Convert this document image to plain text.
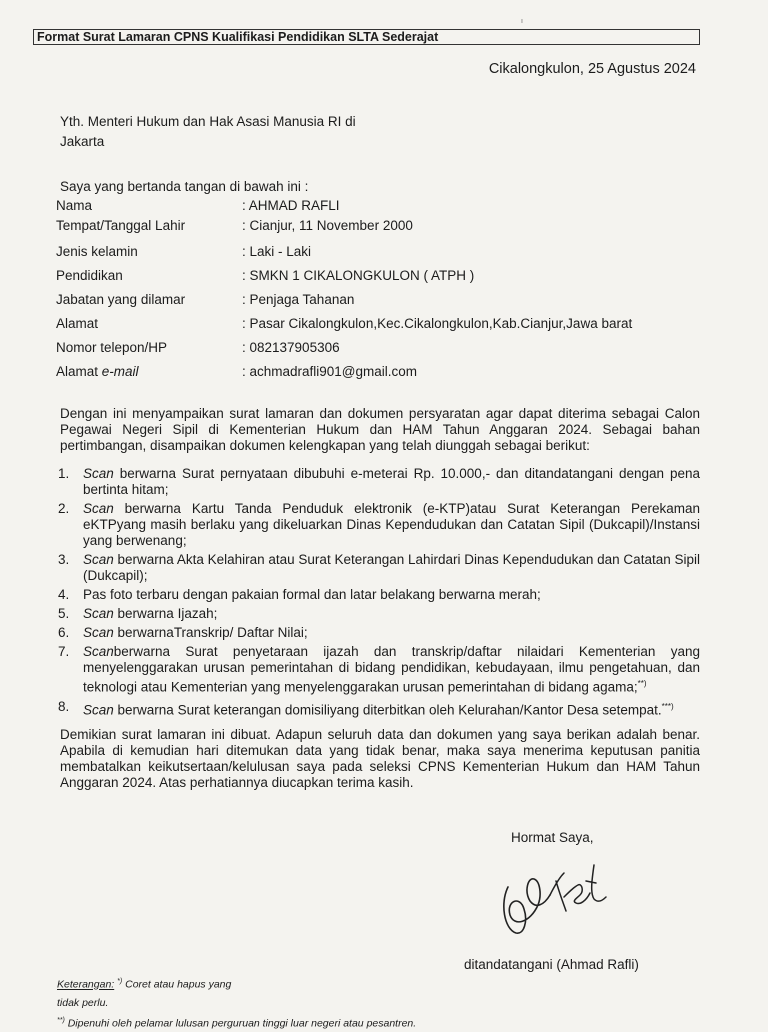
ı
Format Surat Lamaran CPNS Kualifikasi Pendidikan SLTA Sederajat
Cikalongkulon, 25 Agustus 2024
Yth. Menteri Hukum dan Hak Asasi Manusia RI di
Jakarta
Saya yang bertanda tangan di bawah ini :
Nama	: AHMAD RAFLI
Tempat/Tanggal Lahir	: Cianjur, 11 November 2000
Jenis kelamin	: Laki - Laki
Pendidikan	: SMKN 1 CIKALONGKULON ( ATPH )
Jabatan yang dilamar	: Penjaga Tahanan
Alamat	: Pasar Cikalongkulon,Kec.Cikalongkulon,Kab.Cianjur,Jawa barat
Nomor telepon/HP	: 082137905306
Alamat e-mail	: achmadrafli901@gmail.com
Dengan ini menyampaikan surat lamaran dan dokumen persyaratan agar dapat diterima sebagai Calon Pegawai Negeri Sipil di Kementerian Hukum dan HAM Tahun Anggaran 2024. Sebagai bahan pertimbangan, disampaikan dokumen kelengkapan yang telah diunggah sebagai berikut:
1. Scan berwarna Surat pernyataan dibubuhi e-meterai Rp. 10.000,- dan ditandatangani dengan pena bertinta hitam;
2. Scan berwarna Kartu Tanda Penduduk elektronik (e-KTP)atau Surat Keterangan Perekaman eKTPyang masih berlaku yang dikeluarkan Dinas Kependudukan dan Catatan Sipil (Dukcapil)/Instansi yang berwenang;
3. Scan berwarna Akta Kelahiran atau Surat Keterangan Lahirdari Dinas Kependudukan dan Catatan Sipil (Dukcapil);
4. Pas foto terbaru dengan pakaian formal dan latar belakang berwarna merah;
5. Scan berwarna Ijazah;
6. Scan berwarnaTranskrip/ Daftar Nilai;
7. Scanberwarna Surat penyetaraan ijazah dan transkrip/daftar nilaidari Kementerian yang menyelenggarakan urusan pemerintahan di bidang pendidikan, kebudayaan, ilmu pengetahuan, dan teknologi atau Kementerian yang menyelenggarakan urusan pemerintahan di bidang agama;**)
8. Scan berwarna Surat keterangan domisiliyang diterbitkan oleh Kelurahan/Kantor Desa setempat.***)
Demikian surat lamaran ini dibuat. Adapun seluruh data dan dokumen yang saya berikan adalah benar. Apabila di kemudian hari ditemukan data yang tidak benar, maka saya menerima keputusan panitia membatalkan keikutsertaan/kelulusan saya pada seleksi CPNS Kementerian Hukum dan HAM Tahun Anggaran 2024. Atas perhatiannya diucapkan terima kasih.
Hormat Saya,
ditandatangani (Ahmad Rafli)
Keterangan: *) Coret atau hapus yang
tidak perlu.
**) Dipenuhi oleh pelamar lulusan perguruan tinggi luar negeri atau pesantren.
